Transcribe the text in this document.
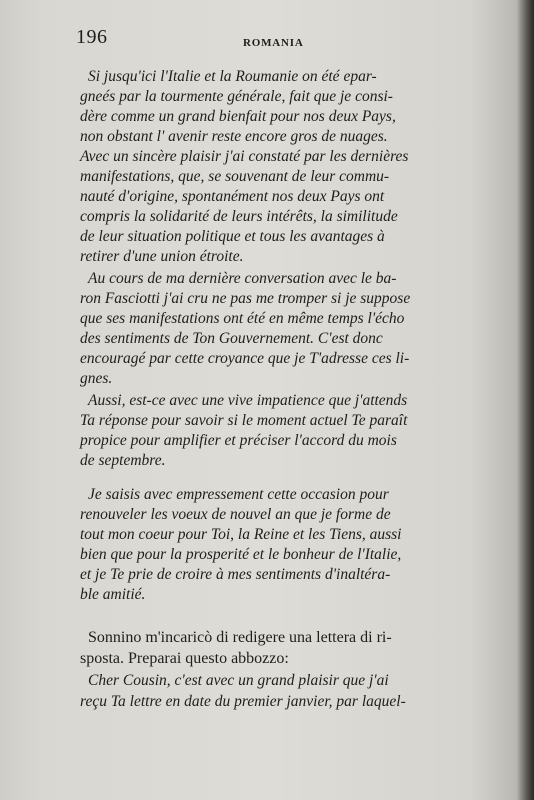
196	ROMANIA
Si jusqu'ici l'Italie et la Roumanie on été epar-
gneés par la tourmente générale, fait que je consi-
dère comme un grand bienfait pour nos deux Pays,
non obstant l' avenir reste encore gros de nuages.
Avec un sincère plaisir j'ai constaté par les dernières
manifestations, que, se souvenant de leur commu-
nauté d'origine, spontanément nos deux Pays ont
compris la solidarité de leurs intérêts, la similitude
de leur situation politique et tous les avantages à
retirer d'une union étroite.
Au cours de ma dernière conversation avec le ba-
ron Fasciotti j'ai cru ne pas me tromper si je suppose
que ses manifestations ont été en même temps l'écho
des sentiments de Ton Gouvernement. C'est donc
encouragé par cette croyance que je T'adresse ces li-
gnes.
Aussi, est-ce avec une vive impatience que j'attends
Ta réponse pour savoir si le moment actuel Te paraît
propice pour amplifier et préciser l'accord du mois
de septembre.
Je saisis avec empressement cette occasion pour
renouveler les voeux de nouvel an que je forme de
tout mon coeur pour Toi, la Reine et les Tiens, aussi
bien que pour la prosperité et le bonheur de l'Italie,
et je Te prie de croire à mes sentiments d'inaltéra-
ble amitié.
Sonnino m'incaricò di redigere una lettera di ri-
sposta. Preparai questo abbozzo:
Cher Cousin, c'est avec un grand plaisir que j'ai
reçu Ta lettre en date du premier janvier, par laquel-
